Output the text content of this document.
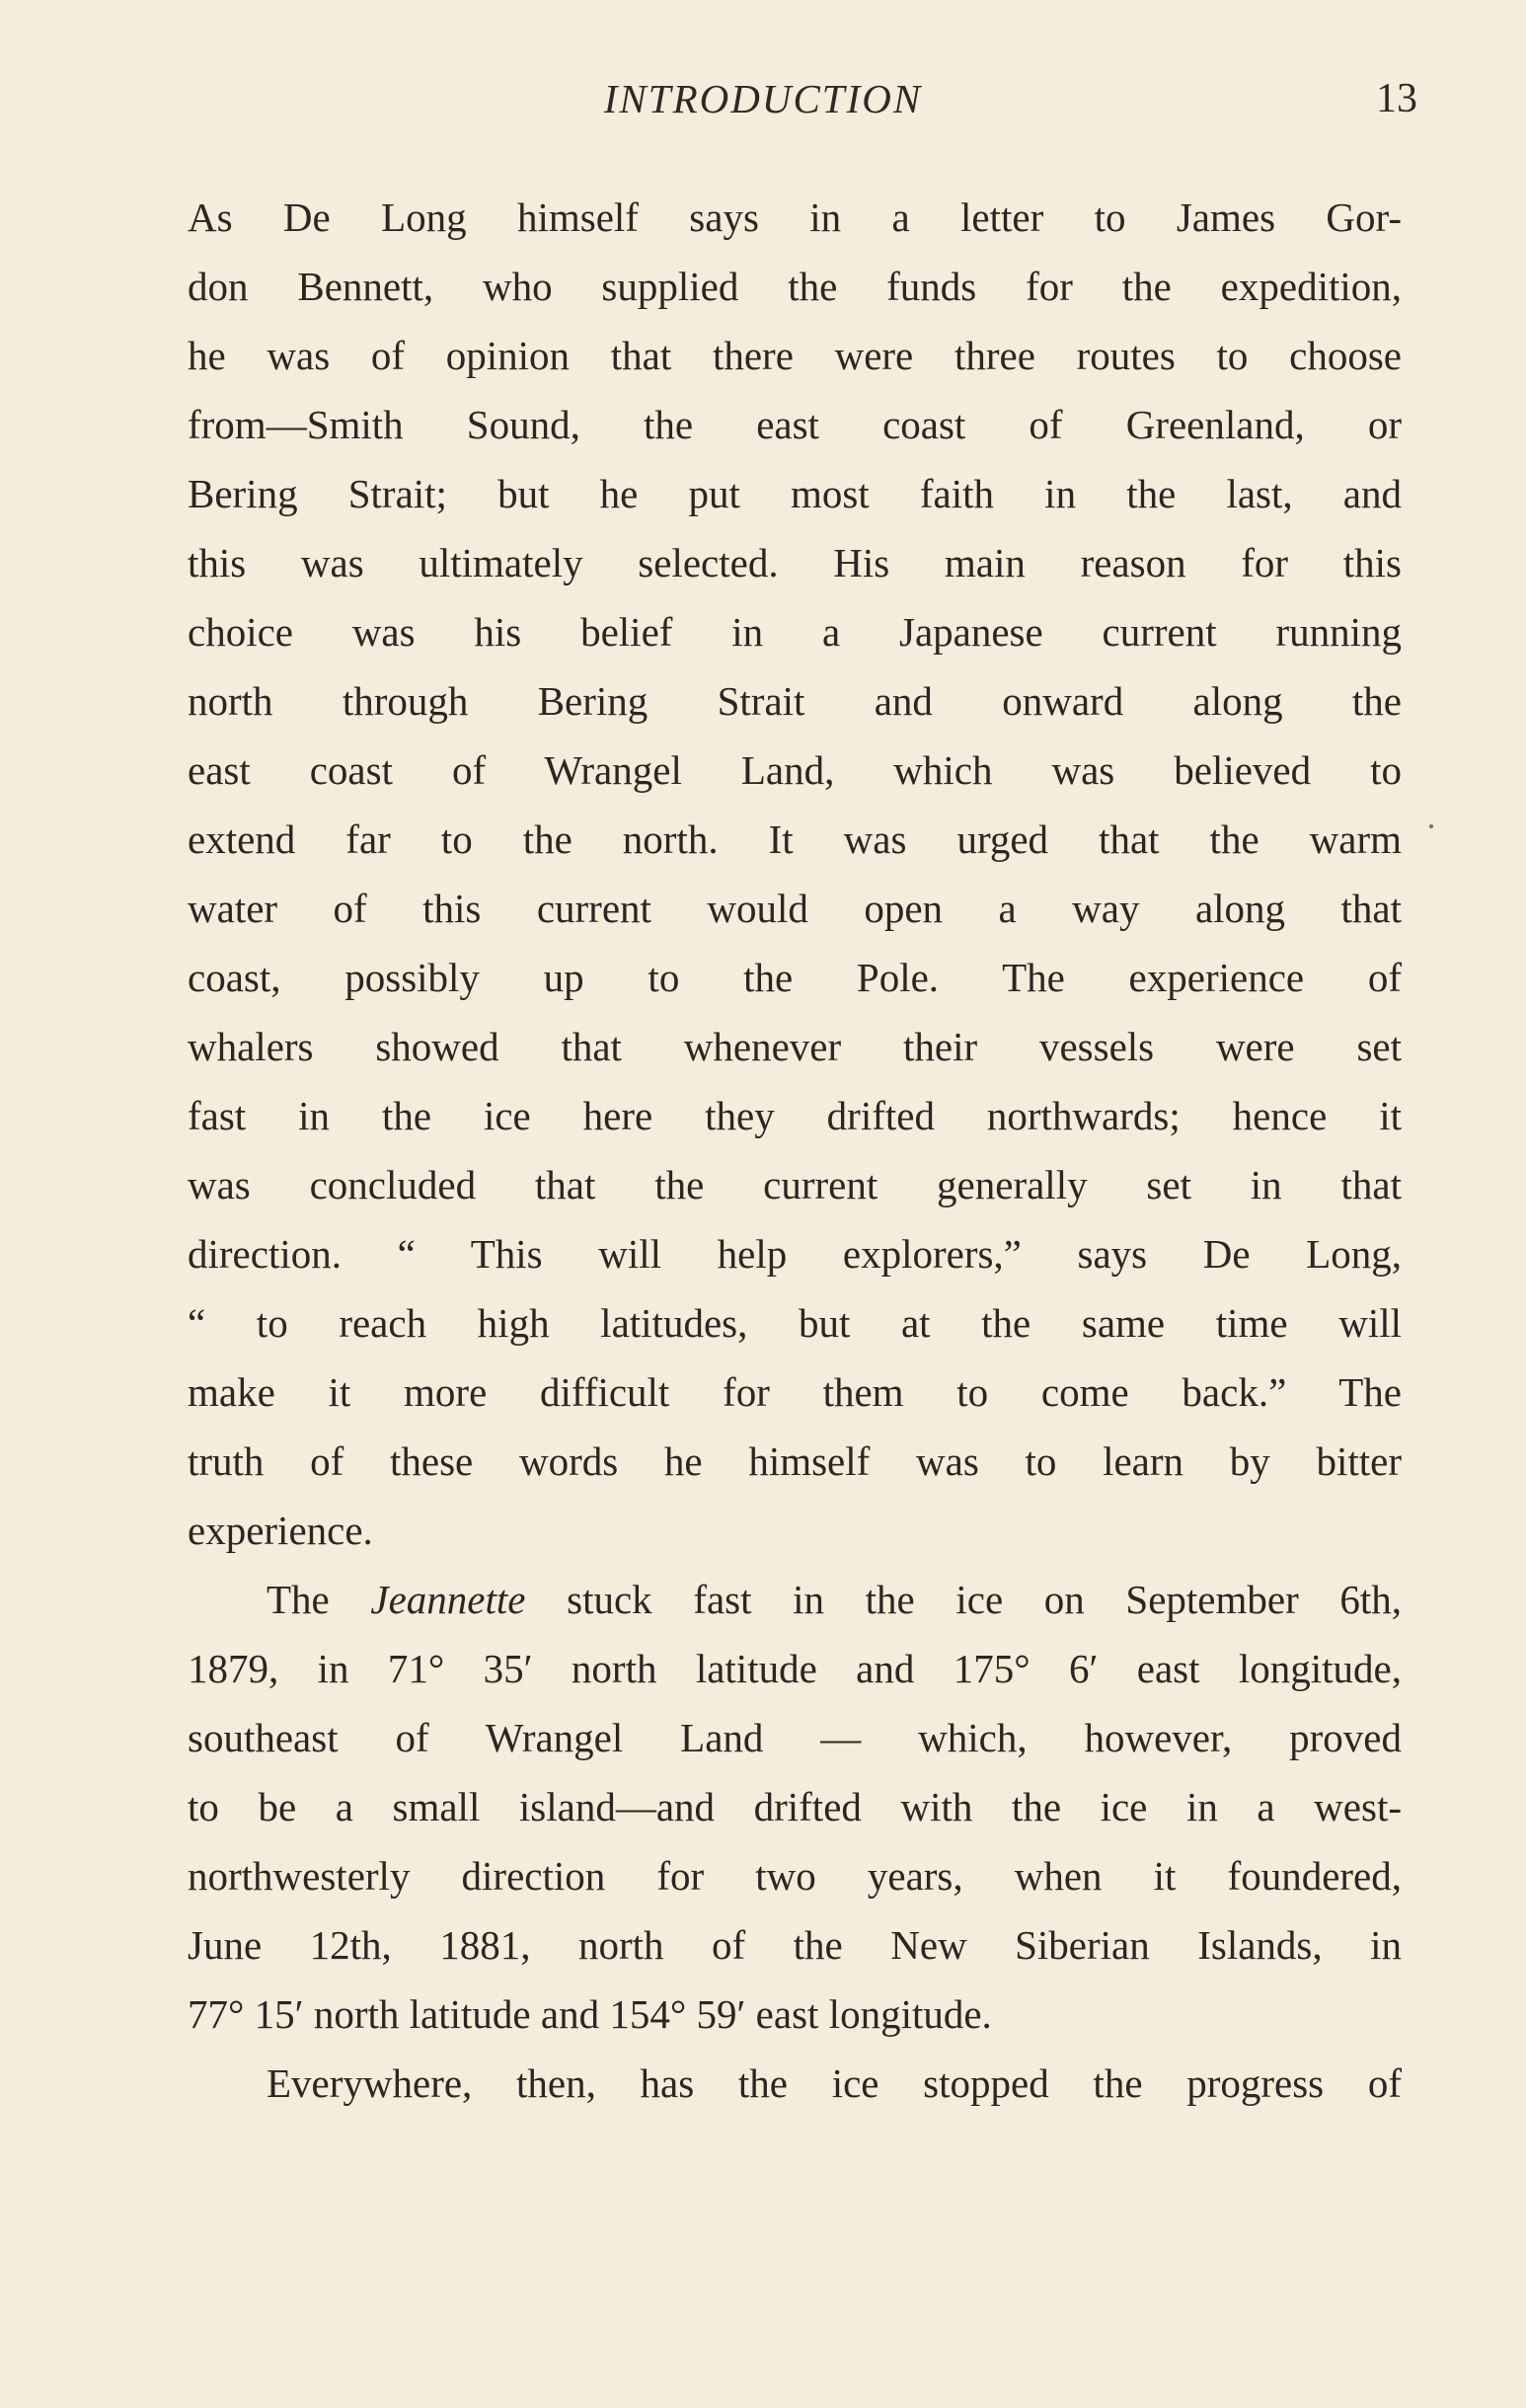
INTRODUCTION	13
As De Long himself says in a letter to James Gor-
don Bennett, who supplied the funds for the expedition,
he was of opinion that there were three routes to choose
from—Smith Sound, the east coast of Greenland, or
Bering Strait; but he put most faith in the last, and
this was ultimately selected. His main reason for this
choice was his belief in a Japanese current running
north through Bering Strait and onward along the
east coast of Wrangel Land, which was believed to
extend far to the north. It was urged that the warm
water of this current would open a way along that
coast, possibly up to the Pole. The experience of
whalers showed that whenever their vessels were set
fast in the ice here they drifted northwards; hence it
was concluded that the current generally set in that
direction. “ This will help explorers,” says De Long,
“ to reach high latitudes, but at the same time will
make it more difficult for them to come back.” The
truth of these words he himself was to learn by bitter
experience.
The Jeannette stuck fast in the ice on September 6th,
1879, in 71° 35′ north latitude and 175° 6′ east longitude,
southeast of Wrangel Land — which, however, proved
to be a small island—and drifted with the ice in a west-
northwesterly direction for two years, when it foundered,
June 12th, 1881, north of the New Siberian Islands, in
77° 15′ north latitude and 154° 59′ east longitude.
Everywhere, then, has the ice stopped the progress of
